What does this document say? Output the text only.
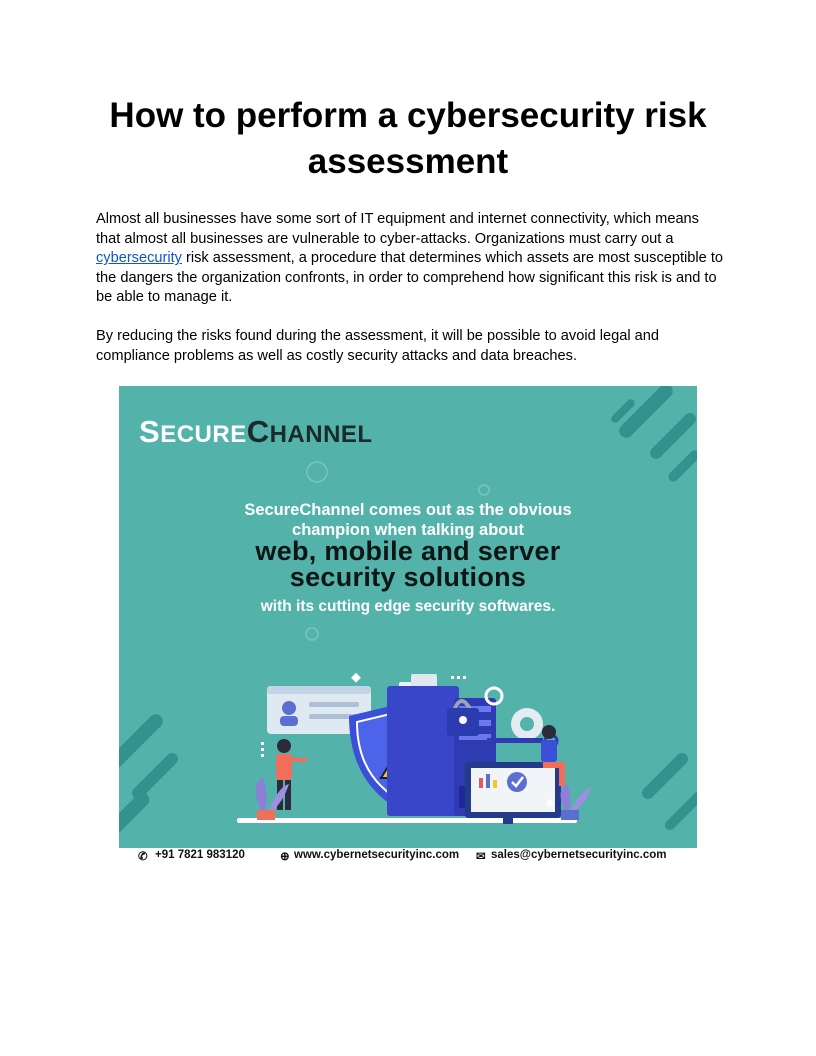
How to perform a cybersecurity risk assessment

Almost all businesses have some sort of IT equipment and internet connectivity, which means that almost all businesses are vulnerable to cyber-attacks. Organizations must carry out a cybersecurity risk assessment, a procedure that determines which assets are most susceptible to the dangers the organization confronts, in order to comprehend how significant this risk is and to be able to manage it.

By reducing the risks found during the assessment, it will be possible to avoid legal and compliance problems as well as costly security attacks and data breaches.

SECURECHANNEL
SecureChannel comes out as the obvious
champion when talking about
web, mobile and server
security solutions
with its cutting edge security softwares.
✆ +91 7821 983120	⊕ www.cybernetsecurityinc.com ✉ sales@cybernetsecurityinc.com
